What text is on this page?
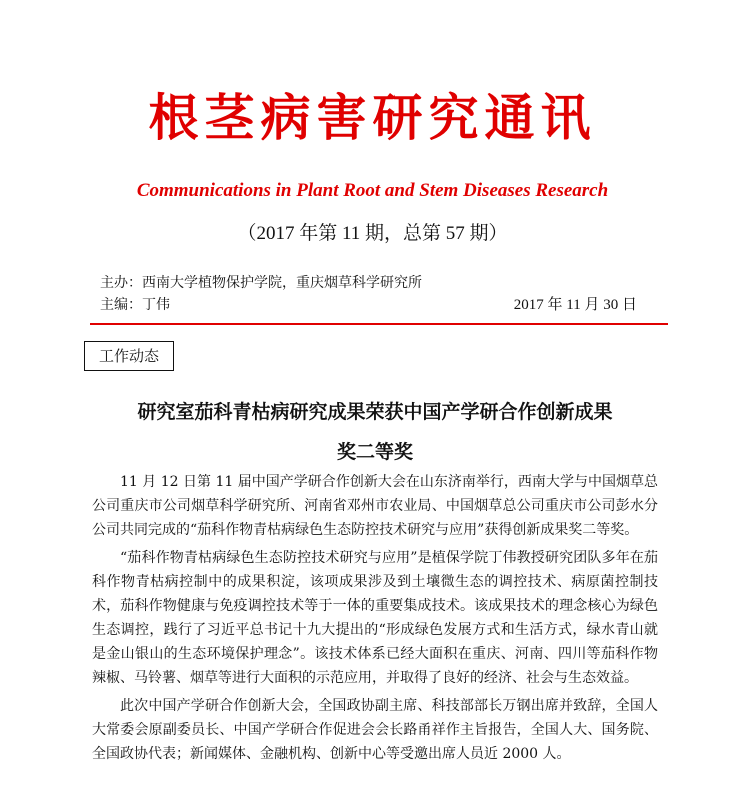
根茎病害研究通讯
Communications in Plant Root and Stem Diseases Research
（2017 年第 11 期，总第 57 期）
主办：西南大学植物保护学院，重庆烟草科学研究所
主编：丁伟	2017 年 11 月 30 日
工作动态
研究室茄科青枯病研究成果荣获中国产学研合作创新成果
奖二等奖

11 月 12 日第 11 届中国产学研合作创新大会在山东济南举行，西南大学与中国烟草总公司重庆市公司烟草科学研究所、河南省邓州市农业局、中国烟草总公司重庆市公司彭水分公司共同完成的“茄科作物青枯病绿色生态防控技术研究与应用”获得创新成果奖二等奖。

“茄科作物青枯病绿色生态防控技术研究与应用”是植保学院丁伟教授研究团队多年在茄科作物青枯病控制中的成果积淀，该项成果涉及到土壤微生态的调控技术、病原菌控制技术，茄科作物健康与免疫调控技术等于一体的重要集成技术。该成果技术的理念核心为绿色生态调控，践行了习近平总书记十九大提出的“形成绿色发展方式和生活方式，绿水青山就是金山银山的生态环境保护理念”。该技术体系已经大面积在重庆、河南、四川等茄科作物辣椒、马铃薯、烟草等进行大面积的示范应用，并取得了良好的经济、社会与生态效益。

此次中国产学研合作创新大会，全国政协副主席、科技部部长万钢出席并致辞，全国人大常委会原副委员长、中国产学研合作促进会会长路甬祥作主旨报告，全国人大、国务院、全国政协代表；新闻媒体、金融机构、创新中心等受邀出席人员近 2000 人。
